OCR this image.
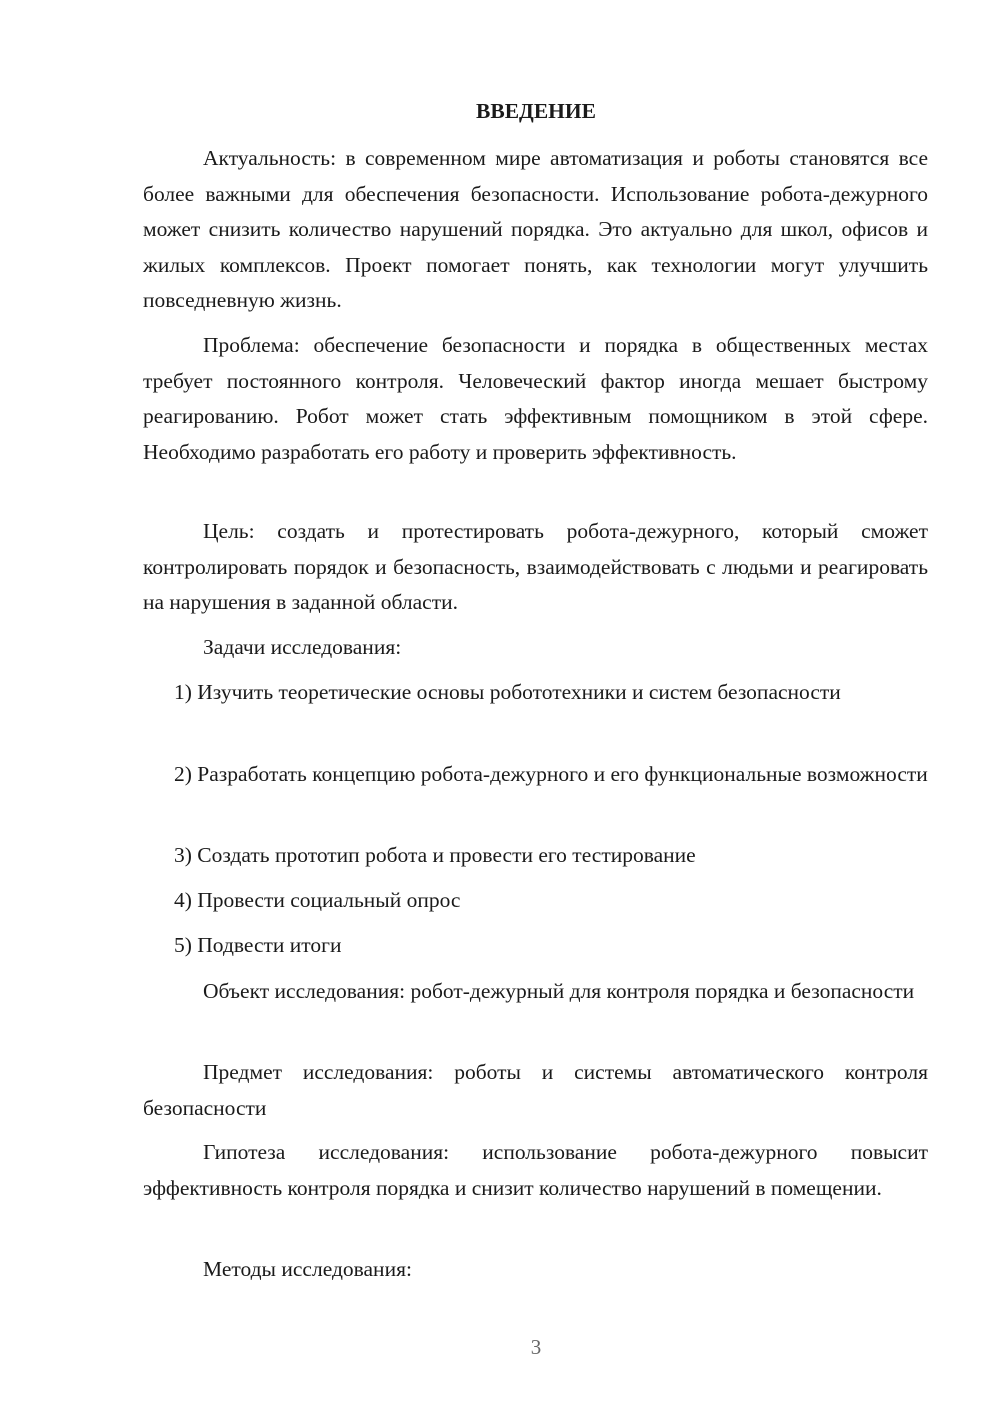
ВВЕДЕНИЕ

Актуальность: в современном мире автоматизация и роботы становятся все более важными для обеспечения безопасности. Использование робота-дежурного может снизить количество нарушений порядка. Это актуально для школ, офисов и жилых комплексов. Проект помогает понять, как технологии могут улучшить повседневную жизнь.

Проблема: обеспечение безопасности и порядка в общественных местах требует постоянного контроля. Человеческий фактор иногда мешает быстрому реагированию. Робот может стать эффективным помощником в этой сфере. Необходимо разработать его работу и проверить эффективность.

Цель: создать и протестировать робота-дежурного, который сможет контролировать порядок и безопасность, взаимодействовать с людьми и реагировать на нарушения в заданной области.

Задачи исследования:

1) Изучить теоретические основы робототехники и систем безопасности

2) Разработать концепцию робота-дежурного и его функциональные возможности

3) Создать прототип робота и провести его тестирование

4) Провести социальный опрос

5) Подвести итоги

Объект исследования: робот-дежурный для контроля порядка и безопасности

Предмет исследования: роботы и системы автоматического контроля безопасности

Гипотеза исследования: использование робота-дежурного повысит эффективность контроля порядка и снизит количество нарушений в помещении.

Методы исследования:

3
